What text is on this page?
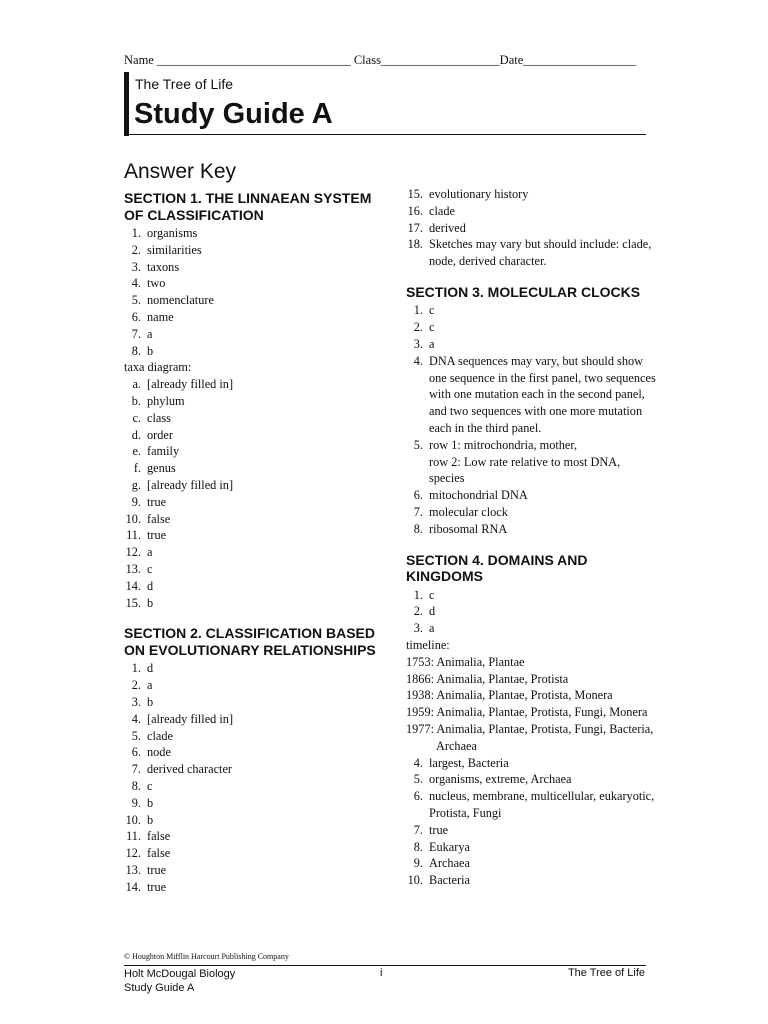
Name _______________________________ Class___________________Date__________________
The Tree of Life
Study Guide A
Answer Key
SECTION 1. THE LINNAEAN SYSTEM OF CLASSIFICATION
1. organisms
2. similarities
3. taxons
4. two
5. nomenclature
6. name
7. a
8. b
taxa diagram:
a. [already filled in]
b. phylum
c. class
d. order
e. family
f. genus
g. [already filled in]
9. true
10. false
11. true
12. a
13. c
14. d
15. b
SECTION 2. CLASSIFICATION BASED ON EVOLUTIONARY RELATIONSHIPS
1. d
2. a
3. b
4. [already filled in]
5. clade
6. node
7. derived character
8. c
9. b
10. b
11. false
12. false
13. true
14. true
15. evolutionary history
16. clade
17. derived
18. Sketches may vary but should include: clade, node, derived character.
SECTION 3. MOLECULAR CLOCKS
1. c
2. c
3. a
4. DNA sequences may vary, but should show one sequence in the first panel, two sequences with one mutation each in the second panel, and two sequences with one more mutation each in the third panel.
5. row 1: mitrochondria, mother,
row 2: Low rate relative to most DNA, species
6. mitochondrial DNA
7. molecular clock
8. ribosomal RNA
SECTION 4. DOMAINS AND KINGDOMS
1. c
2. d
3. a
timeline:
1753: Animalia, Plantae
1866: Animalia, Plantae, Protista
1938: Animalia, Plantae, Protista, Monera
1959: Animalia, Plantae, Protista, Fungi, Monera
1977: Animalia, Plantae, Protista, Fungi, Bacteria, Archaea
4. largest, Bacteria
5. organisms, extreme, Archaea
6. nucleus, membrane, multicellular, eukaryotic, Protista, Fungi
7. true
8. Eukarya
9. Archaea
10. Bacteria
© Houghton Mifflin Harcourt Publishing Company
Holt McDougal Biology
Study Guide A
i	The Tree of Life
